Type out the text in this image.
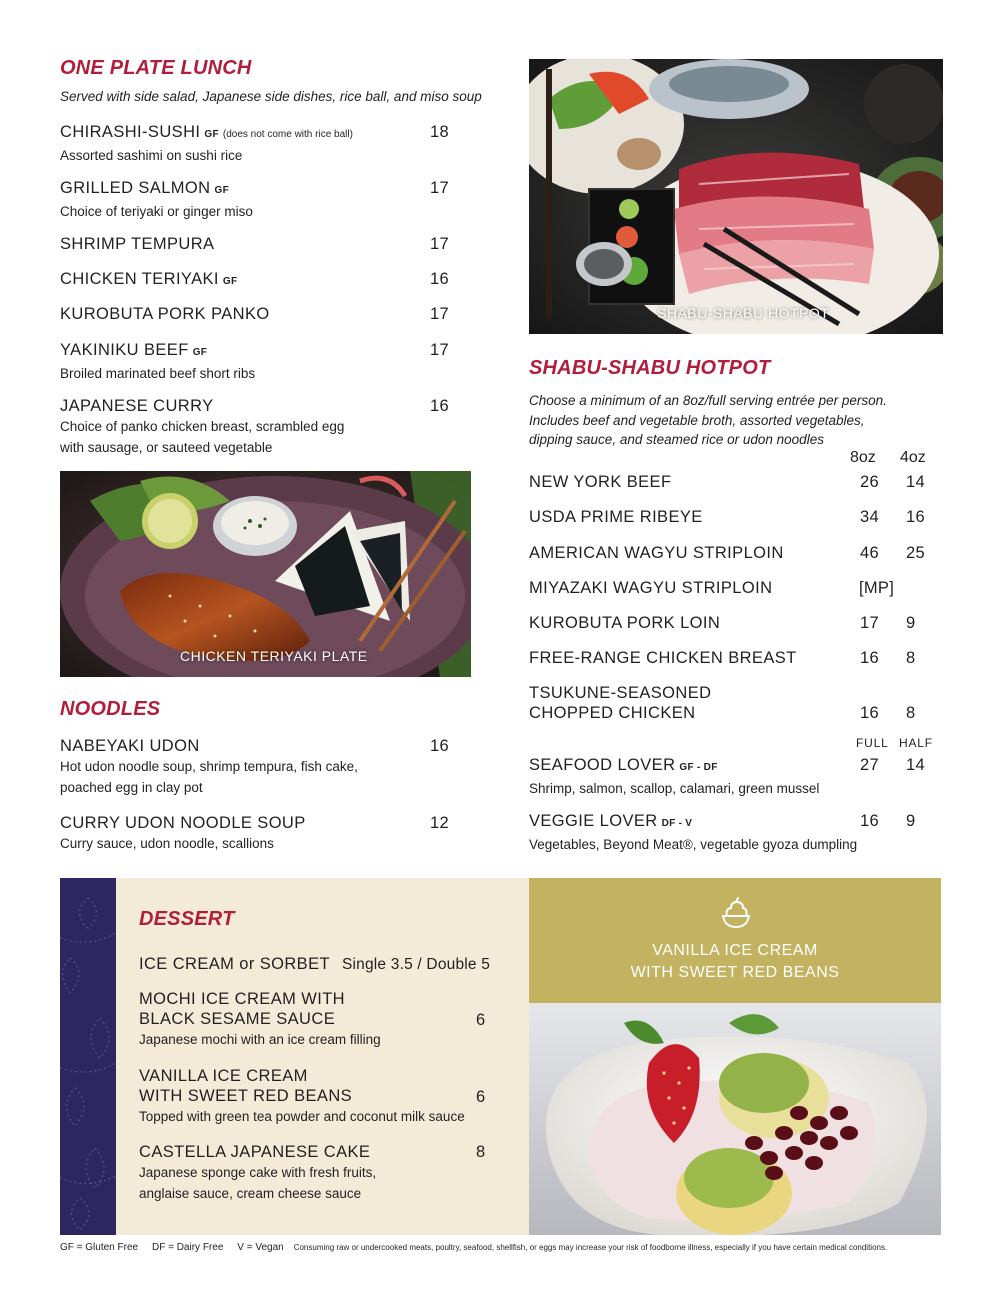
ONE PLATE LUNCH
Served with side salad, Japanese side dishes, rice ball, and miso soup
CHIRASHI-SUSHI GF (does not come with rice ball)
Assorted sashimi on sushi rice
18
GRILLED SALMON GF
Choice of teriyaki or ginger miso
17
SHRIMP TEMPURA	17
CHICKEN TERIYAKI GF	16
KUROBUTA PORK PANKO	17
YAKINIKU BEEF GF
Broiled marinated beef short ribs
17
JAPANESE CURRY
Choice of panko chicken breast, scrambled egg
with sausage, or sauteed vegetable
16
CHICKEN TERIYAKI PLATE
NOODLES
NABEYAKI UDON
Hot udon noodle soup, shrimp tempura, fish cake,
poached egg in clay pot
16
CURRY UDON NOODLE SOUP
Curry sauce, udon noodle, scallions
12
SHABU-SHABU HOTPOT
SHABU-SHABU HOTPOT
Choose a minimum of an 8oz/full serving entrée per person.
Includes beef and vegetable broth, assorted vegetables,
dipping sauce, and steamed rice or udon noodles
8oz 4oz
NEW YORK BEEF	26 14
USDA PRIME RIBEYE	34 16
AMERICAN WAGYU STRIPLOIN	46 25
MIYAZAKI WAGYU STRIPLOIN	[MP]
KUROBUTA PORK LOIN	17 9
FREE-RANGE CHICKEN BREAST	16 8
TSUKUNE-SEASONED
CHOPPED CHICKEN	16 8
FULL HALF
SEAFOOD LOVER GF - DF
Shrimp, salmon, scallop, calamari, green mussel
27 14
VEGGIE LOVER DF - V
Vegetables, Beyond Meat®, vegetable gyoza dumpling
16 9
DESSERT
ICE CREAM or SORBET Single 3.5 / Double 5
MOCHI ICE CREAM WITH
BLACK SESAME SAUCE
Japanese mochi with an ice cream filling
6
VANILLA ICE CREAM
WITH SWEET RED BEANS
Topped with green tea powder and coconut milk sauce
6
CASTELLA JAPANESE CAKE
Japanese sponge cake with fresh fruits,
anglaise sauce, cream cheese sauce
8
VANILLA ICE CREAM
WITH SWEET RED BEANS
GF = Gluten Free     DF = Dairy Free     V = Vegan Consuming raw or undercooked meats, poultry, seafood, shellfish, or eggs may increase your risk of foodborne illness, especially if you have certain medical conditions.
